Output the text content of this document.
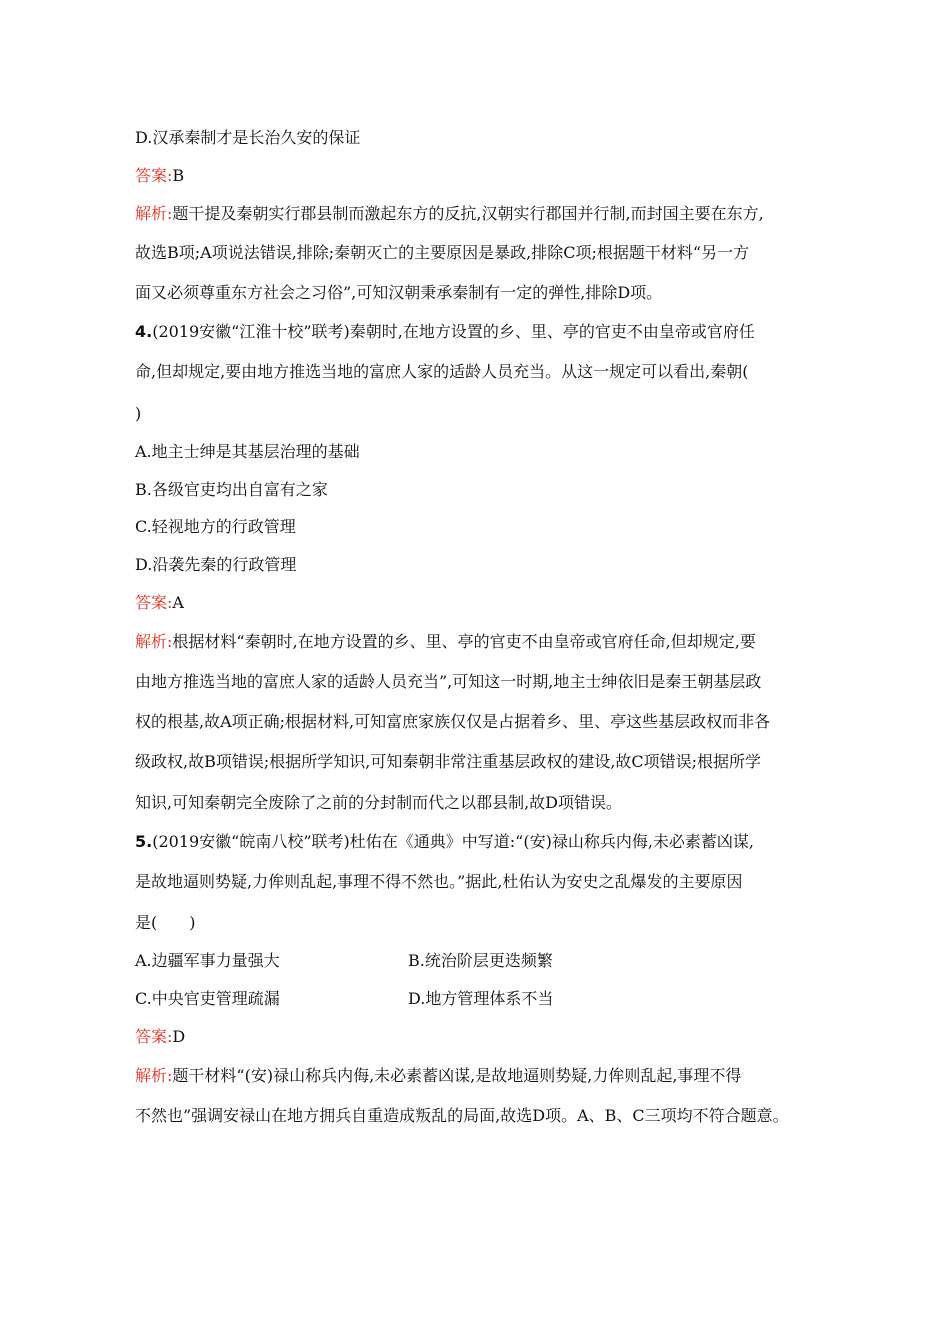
D.汉承秦制才是长治久安的保证
答案:B
解析:题干提及秦朝实行郡县制而激起东方的反抗,汉朝实行郡国并行制,而封国主要在东方,
故选B项;A项说法错误,排除;秦朝灭亡的主要原因是暴政,排除C项;根据题干材料“另一方
面又必须尊重东方社会之习俗”,可知汉朝秉承秦制有一定的弹性,排除D项。
4.(2019安徽“江淮十校”联考)秦朝时,在地方设置的乡、里、亭的官吏不由皇帝或官府任
命,但却规定,要由地方推选当地的富庶人家的适龄人员充当。从这一规定可以看出,秦朝(
)
A.地主士绅是其基层治理的基础
B.各级官吏均出自富有之家
C.轻视地方的行政管理
D.沿袭先秦的行政管理
答案:A
解析:根据材料“秦朝时,在地方设置的乡、里、亭的官吏不由皇帝或官府任命,但却规定,要
由地方推选当地的富庶人家的适龄人员充当”,可知这一时期,地主士绅依旧是秦王朝基层政
权的根基,故A项正确;根据材料,可知富庶家族仅仅是占据着乡、里、亭这些基层政权而非各
级政权,故B项错误;根据所学知识,可知秦朝非常注重基层政权的建设,故C项错误;根据所学
知识,可知秦朝完全废除了之前的分封制而代之以郡县制,故D项错误。
5.(2019安徽“皖南八校”联考)杜佑在《通典》中写道:“(安)禄山称兵内侮,未必素蓄凶谋,
是故地逼则势疑,力侔则乱起,事理不得不然也。”据此,杜佑认为安史之乱爆发的主要原因
是(　　)
A.边疆军事力量强大	B.统治阶层更迭频繁
C.中央官吏管理疏漏	D.地方管理体系不当
答案:D
解析:题干材料“(安)禄山称兵内侮,未必素蓄凶谋,是故地逼则势疑,力侔则乱起,事理不得
不然也”强调安禄山在地方拥兵自重造成叛乱的局面,故选D项。A、B、C三项均不符合题意。
